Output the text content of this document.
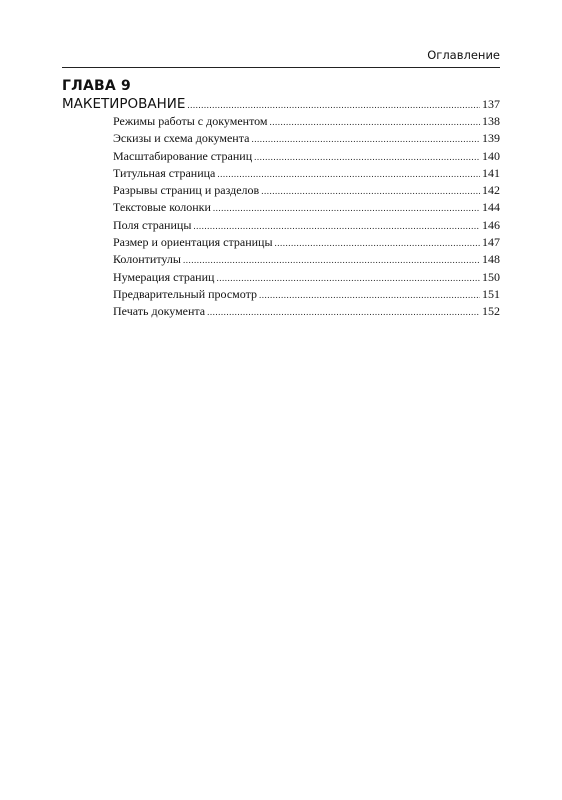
Оглавление
ГЛАВА 9
МАКЕТИРОВАНИЕ .....	137
Режимы работы с документом .....	138
Эскизы и схема документа .....	139
Масштабирование страниц .....	140
Титульная страница .....	141
Разрывы страниц и разделов .....	142
Текстовые колонки .....	144
Поля страницы .....	146
Размер и ориентация страницы .....	147
Колонтитулы .....	148
Нумерация страниц .....	150
Предварительный просмотр .....	151
Печать документа .....	152
